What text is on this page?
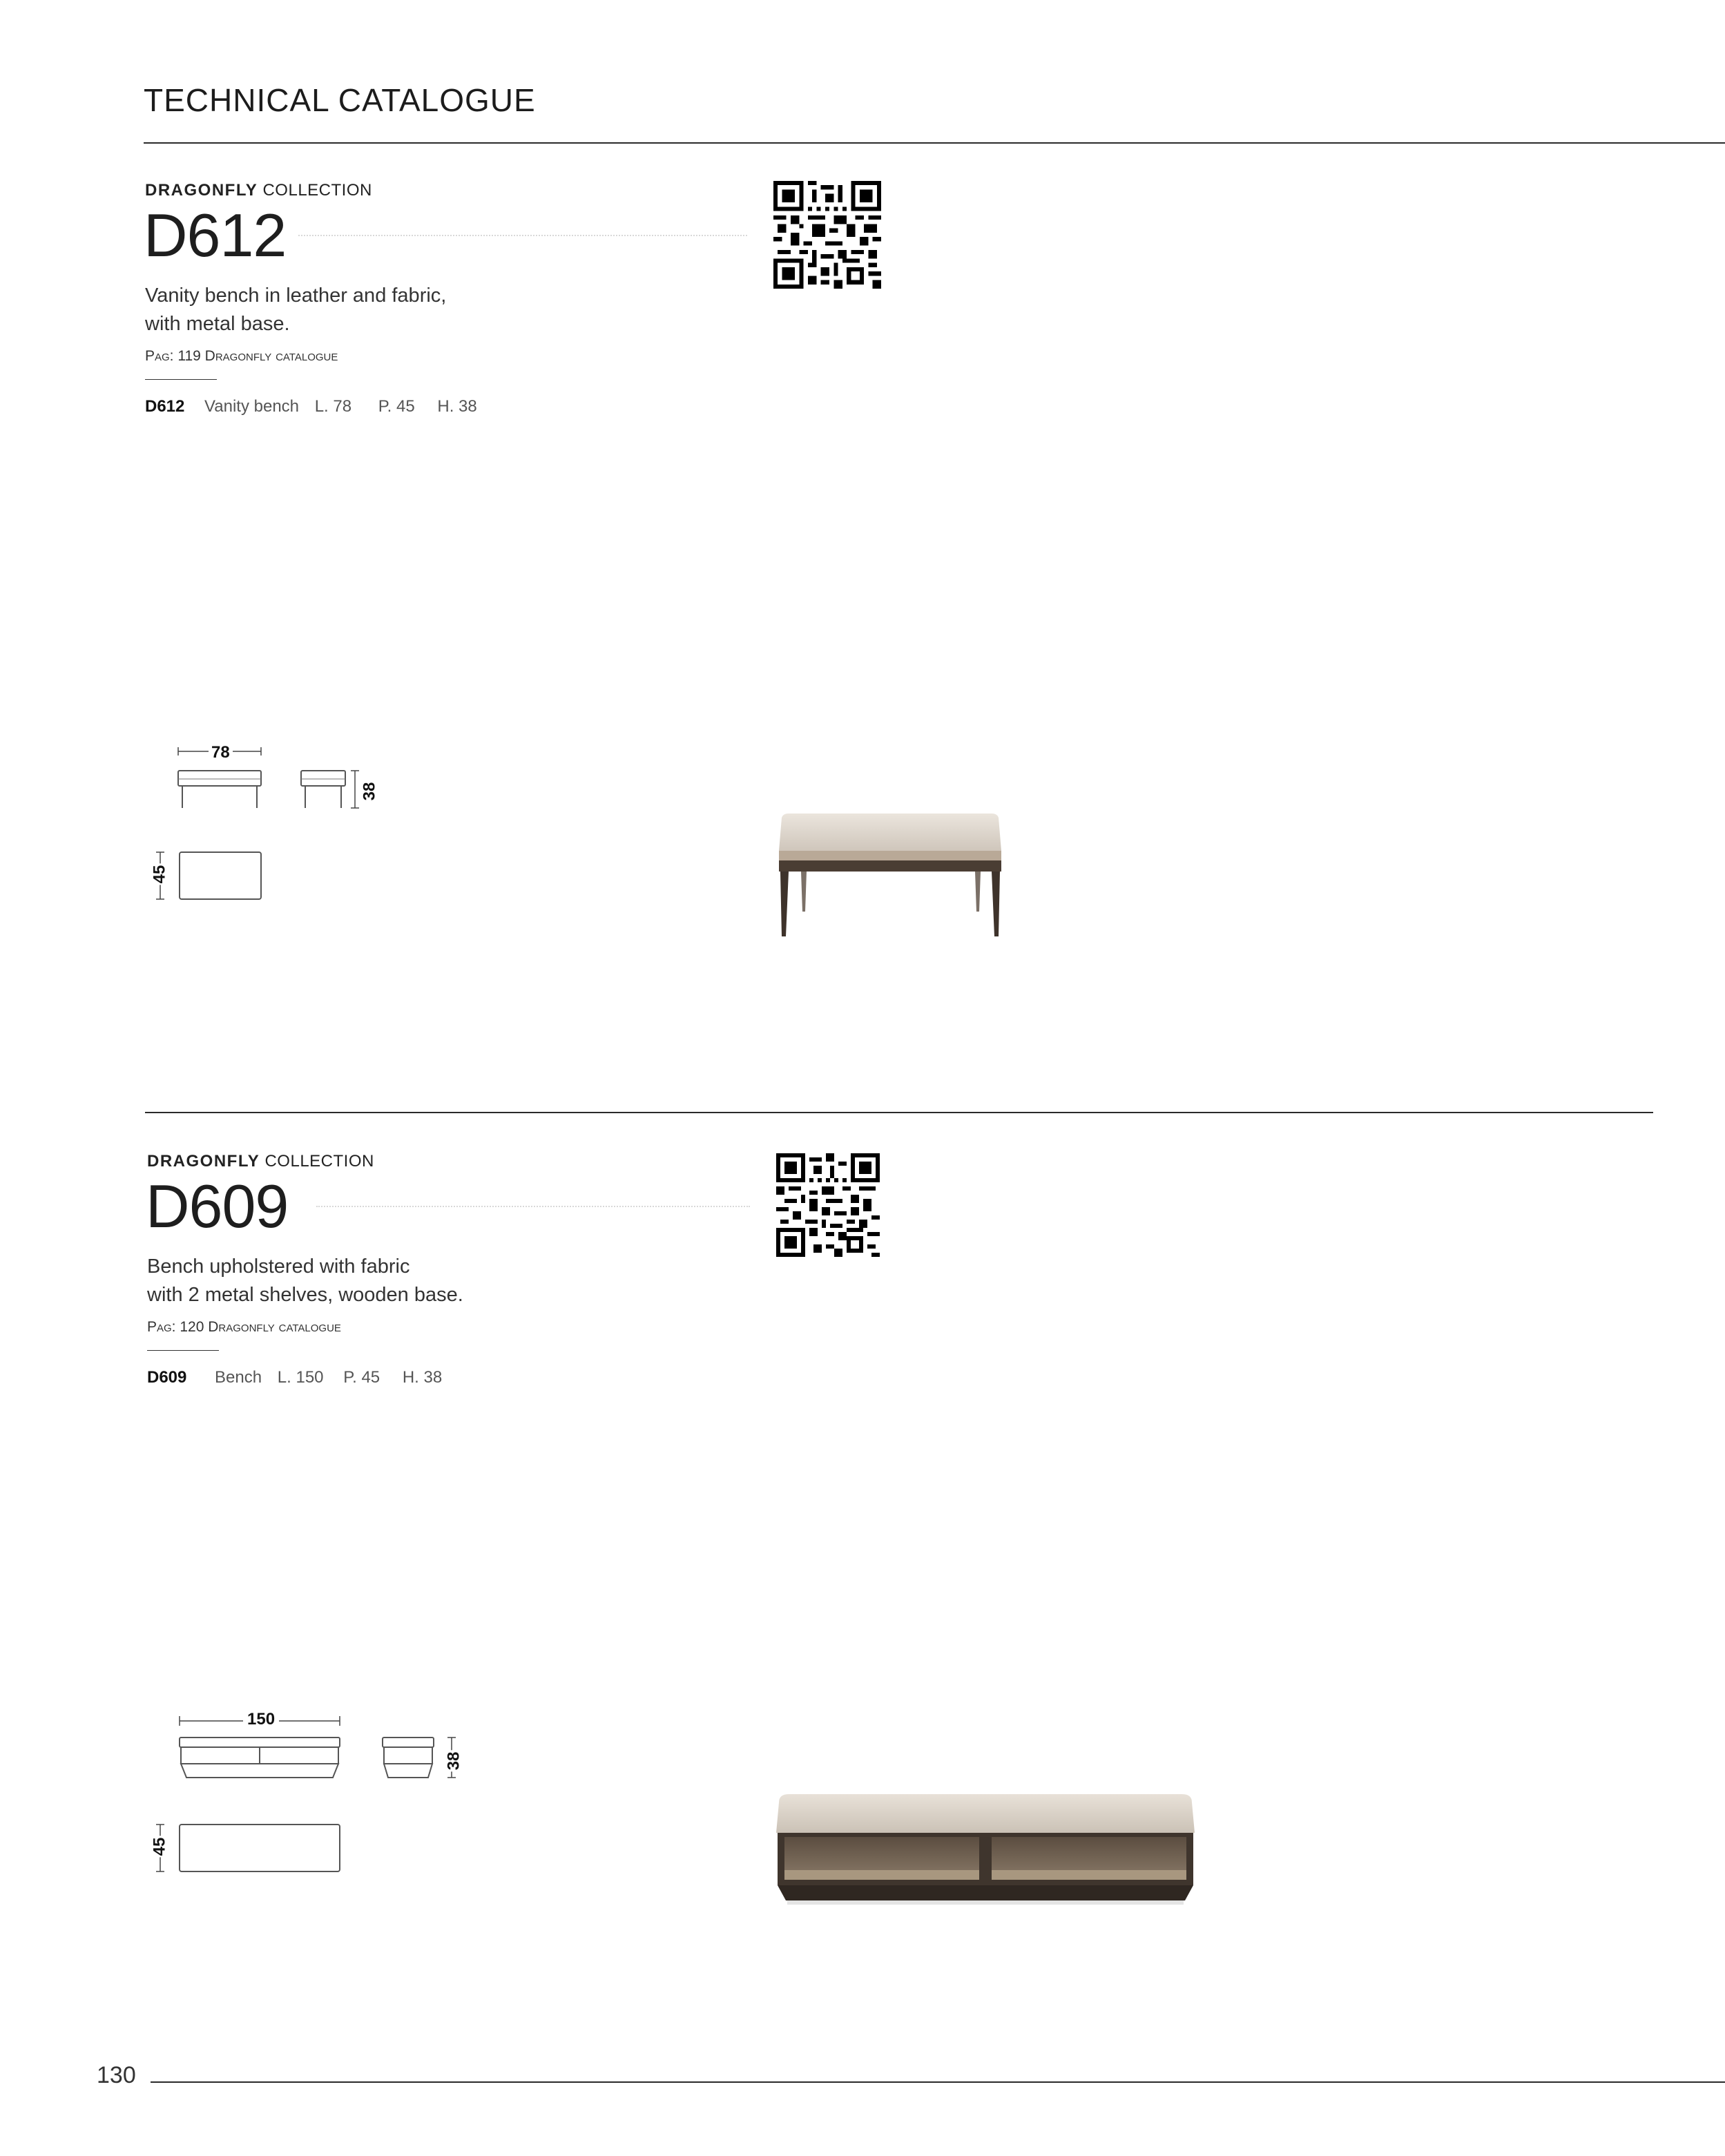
TECHNICAL CATALOGUE
DRAGONFLY COLLECTION
D612
Vanity bench in leather and fabric,
with metal base.
Pag: 119 Dragonfly catalogue
D612 Vanity bench L. 78 P. 45 H. 38
78
38
45
DRAGONFLY COLLECTION
D609
Bench upholstered with fabric
with 2 metal shelves, wooden base.
Pag: 120 Dragonfly catalogue
D609 Bench L. 150 P. 45 H. 38
150
38
45
130
